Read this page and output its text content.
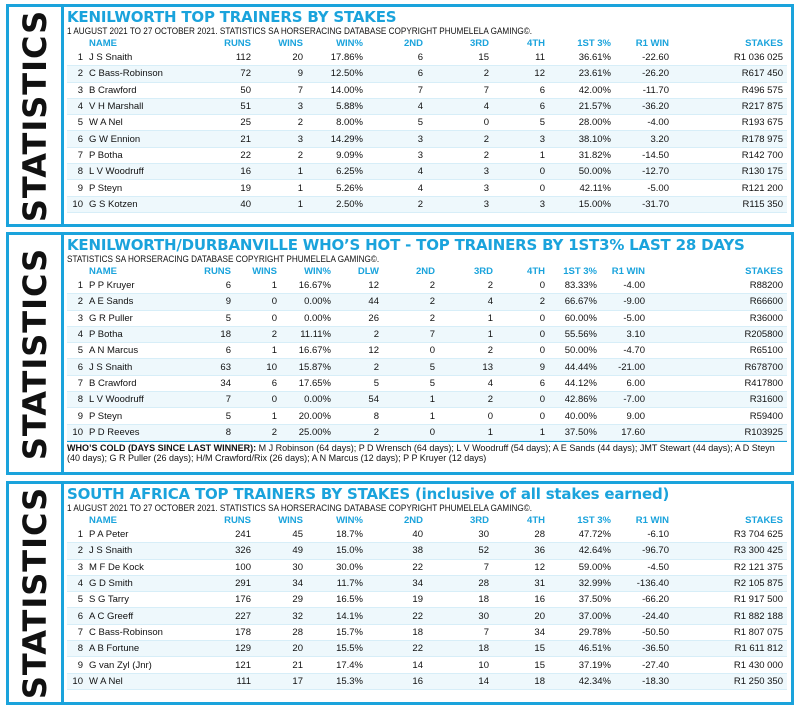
STATISTICS KENILWORTH TOP TRAINERS BY STAKES
1 AUGUST 2021 TO 27 OCTOBER 2021. STATISTICS SA HORSERACING DATABASE COPYRIGHT PHUMELELA GAMING©.
	NAME	RUNS	WINS	WIN%	2ND	3RD	4TH	1ST 3%	R1 WIN	STAKES
1	J S Snaith	112	20	17.86%	6	15	11	36.61%	-22.60	R1 036 025
2	C Bass-Robinson	72	9	12.50%	6	2	12	23.61%	-26.20	R617 450
3	B Crawford	50	7	14.00%	7	7	6	42.00%	-11.70	R496 575
4	V H Marshall	51	3	5.88%	4	4	6	21.57%	-36.20	R217 875
5	W A Nel	25	2	8.00%	5	0	5	28.00%	-4.00	R193 675
6	G W Ennion	21	3	14.29%	3	2	3	38.10%	3.20	R178 975
7	P Botha	22	2	9.09%	3	2	1	31.82%	-14.50	R142 700
8	L V Woodruff	16	1	6.25%	4	3	0	50.00%	-12.70	R130 175
9	P Steyn	19	1	5.26%	4	3	0	42.11%	-5.00	R121 200
10	G S Kotzen	40	1	2.50%	2	3	3	15.00%	-31.70	R115 350
STATISTICS
KENILWORTH/DURBANVILLE WHO’S HOT - TOP TRAINERS BY 1ST3% LAST 28 DAYS
STATISTICS SA HORSERACING DATABASE COPYRIGHT PHUMELELA GAMING©.
	NAME	RUNS	WINS	WIN%	DLW	2ND	3RD	4TH	1ST 3%	R1 WIN	STAKES
1	P P Kruyer	6	1	16.67%	12	2	2	0	83.33%	-4.00	R88200
2	A E Sands	9	0	0.00%	44	2	4	2	66.67%	-9.00	R66600
3	G R Puller	5	0	0.00%	26	2	1	0	60.00%	-5.00	R36000
4	P Botha	18	2	11.11%	2	7	1	0	55.56%	3.10	R205800
5	A N Marcus	6	1	16.67%	12	0	2	0	50.00%	-4.70	R65100
6	J S Snaith	63	10	15.87%	2	5	13	9	44.44%	-21.00	R678700
7	B Crawford	34	6	17.65%	5	5	4	6	44.12%	6.00	R417800
8	L V Woodruff	7	0	0.00%	54	1	2	0	42.86%	-7.00	R31600
9	P Steyn	5	1	20.00%	8	1	0	0	40.00%	9.00	R59400
10	P D Reeves	8	2	25.00%	2	0	1	1	37.50%	17.60	R103925
WHO’S COLD (DAYS SINCE LAST WINNER): M J Robinson (64 days); P D Wrensch (64 days); L V Woodruff (54 days); A E Sands (44 days); JMT Stewart (44 days); A D Steyn (40 days); G R Puller (26 days); H/M Crawford/Rix (26 days); A N Marcus (12 days); P P Kruyer (12 days)
STATISTICS SOUTH AFRICA TOP TRAINERS BY STAKES (inclusive of all stakes earned)
1 AUGUST 2021 TO 27 OCTOBER 2021. STATISTICS SA HORSERACING DATABASE COPYRIGHT PHUMELELA GAMING©.
	NAME	RUNS	WINS	WIN%	2ND	3RD	4TH	1ST 3%	R1 WIN	STAKES
1	P A Peter	241	45	18.7%	40	30	28	47.72%	-6.10	R3 704 625
2	J S Snaith	326	49	15.0%	38	52	36	42.64%	-96.70	R3 300 425
3	M F De Kock	100	30	30.0%	22	7	12	59.00%	-4.50	R2 121 375
4	G D Smith	291	34	11.7%	34	28	31	32.99%	-136.40	R2 105 875
5	S G Tarry	176	29	16.5%	19	18	16	37.50%	-66.20	R1 917 500
6	A C Greeff	227	32	14.1%	22	30	20	37.00%	-24.40	R1 882 188
7	C Bass-Robinson	178	28	15.7%	18	7	34	29.78%	-50.50	R1 807 075
8	A B Fortune	129	20	15.5%	22	18	15	46.51%	-36.50	R1 611 812
9	G van Zyl (Jnr)	121	21	17.4%	14	10	15	37.19%	-27.40	R1 430 000
10	W A Nel	111	17	15.3%	16	14	18	42.34%	-18.30	R1 250 350
